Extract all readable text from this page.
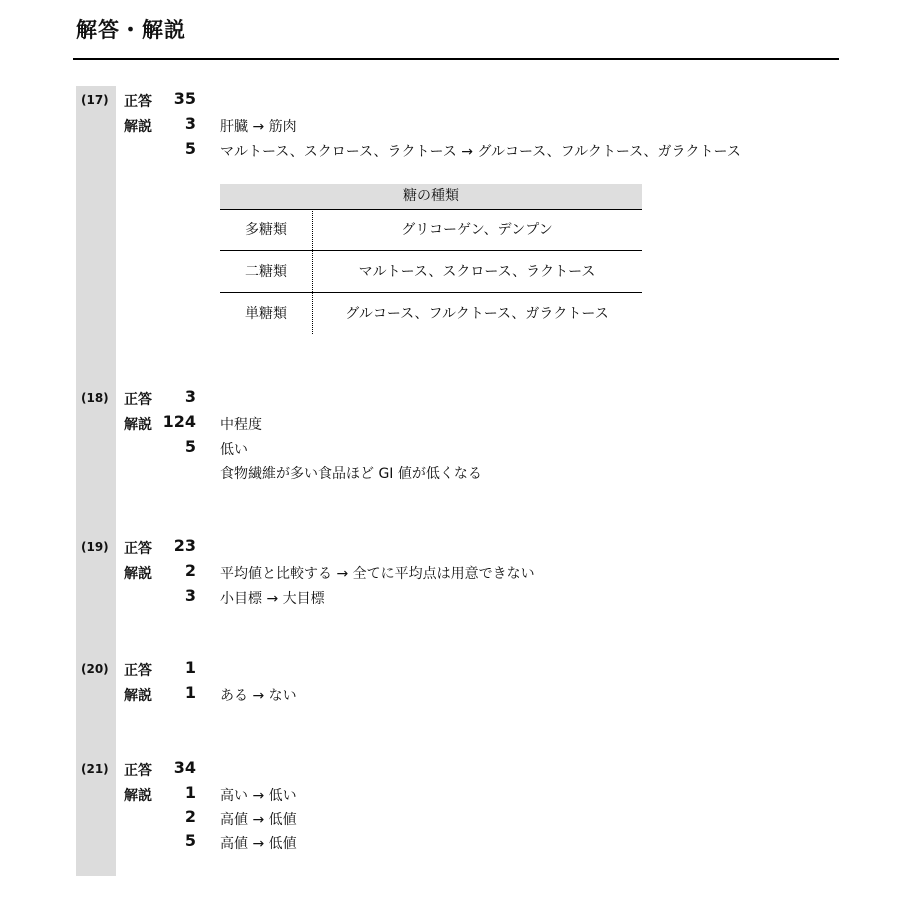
解答・解説
(17) 正答 35
解説 3 肝臓 → 筋肉
5 マルトース、スクロース、ラクトース → グルコース、フルクトース、ガラクトース
糖の種類
多糖類	グリコーゲン、デンプン
二糖類	マルトース、スクロース、ラクトース
単糖類	グルコース、フルクトース、ガラクトース
(18) 正答 3
解説 124 中程度
5 低い
食物繊維が多い食品ほど GI 値が低くなる
(19) 正答 23
解説 2 平均値と比較する → 全てに平均点は用意できない
3 小目標 → 大目標
(20) 正答 1
解説 1 ある → ない
(21) 正答 34
解説 1 高い → 低い
2 高値 → 低値
5 高値 → 低値
